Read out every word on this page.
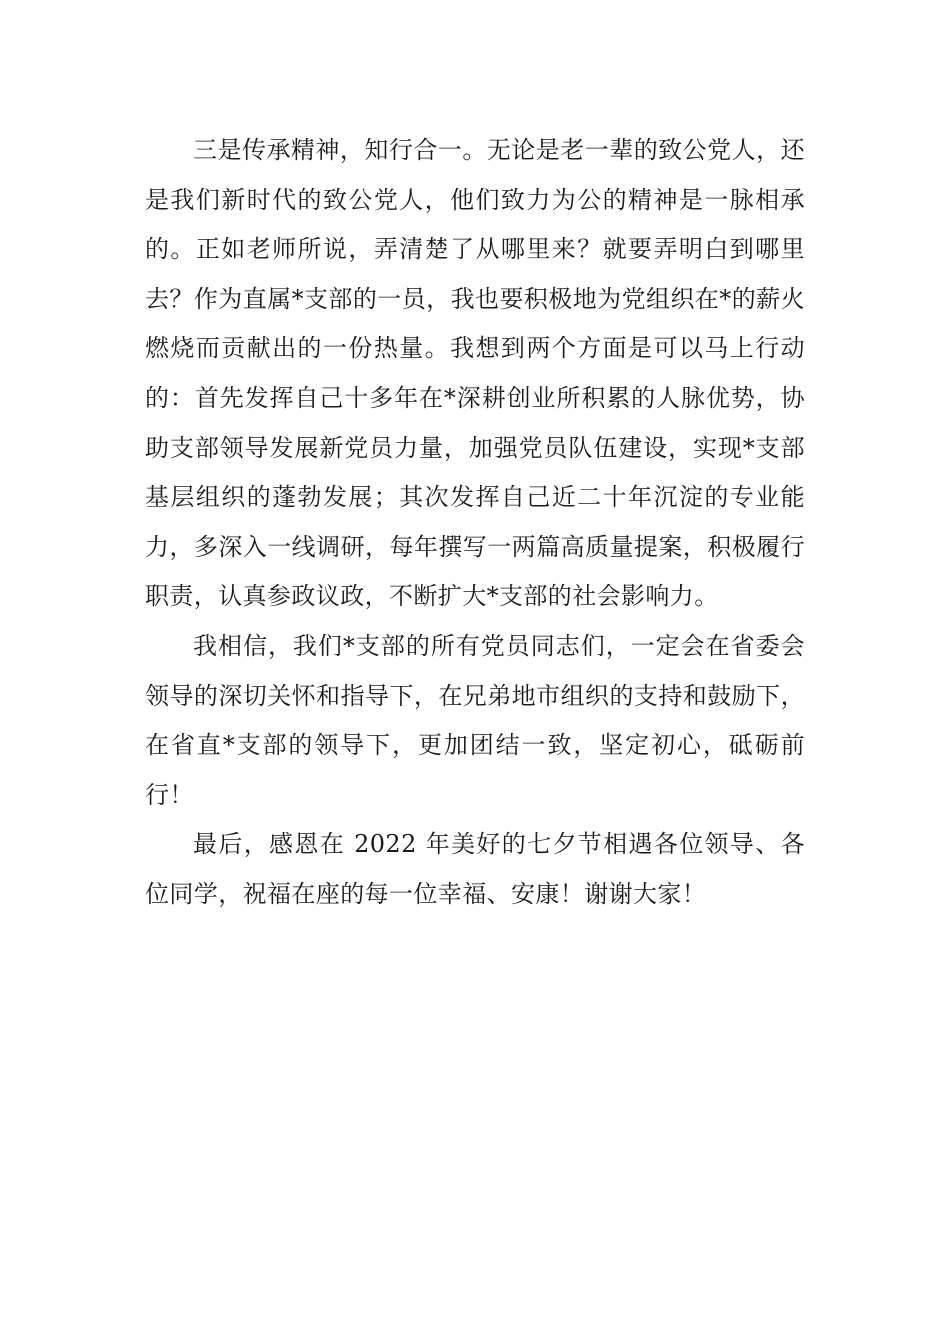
三是传承精神，知行合一。无论是老一辈的致公党人，还是我们新时代的致公党人，他们致力为公的精神是一脉相承的。正如老师所说，弄清楚了从哪里来？就要弄明白到哪里去？作为直属*支部的一员，我也要积极地为党组织在*的薪火燃烧而贡献出的一份热量。我想到两个方面是可以马上行动的：首先发挥自己十多年在*深耕创业所积累的人脉优势，协助支部领导发展新党员力量，加强党员队伍建设，实现*支部基层组织的蓬勃发展；其次发挥自己近二十年沉淀的专业能力，多深入一线调研，每年撰写一两篇高质量提案，积极履行职责，认真参政议政，不断扩大*支部的社会影响力。

我相信，我们*支部的所有党员同志们，一定会在省委会领导的深切关怀和指导下，在兄弟地市组织的支持和鼓励下，在省直*支部的领导下，更加团结一致，坚定初心，砥砺前行！

最后，感恩在 2022 年美好的七夕节相遇各位领导、各位同学，祝福在座的每一位幸福、安康！谢谢大家！
